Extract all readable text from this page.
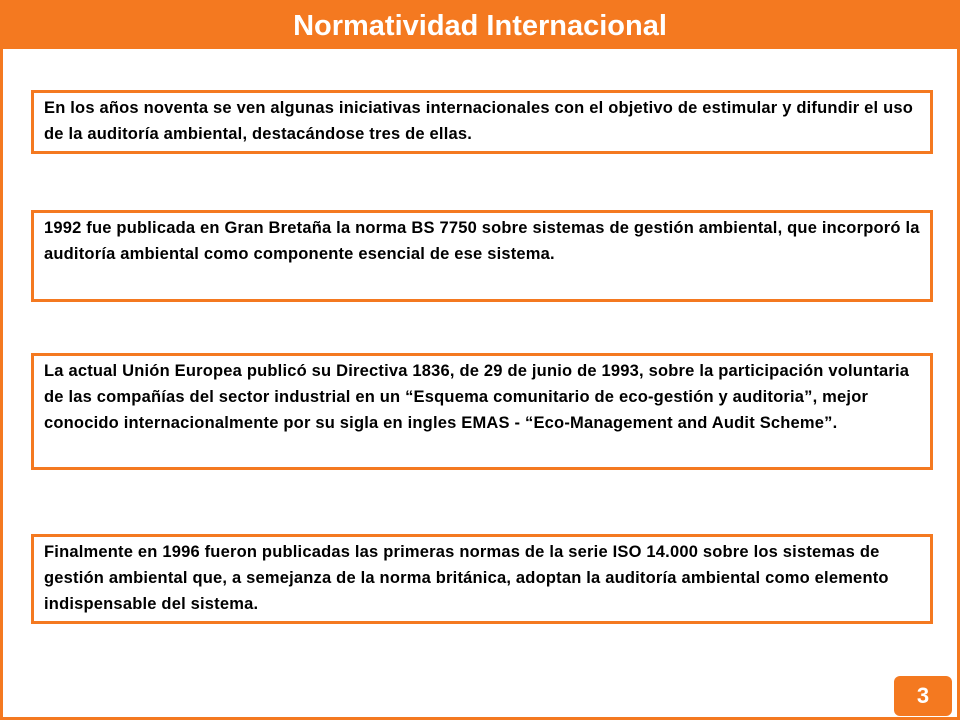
Normatividad Internacional
En los años noventa se ven algunas iniciativas internacionales con el objetivo de estimular y difundir el uso de la auditoría ambiental, destacándose tres de ellas.
1992 fue publicada en Gran Bretaña la norma BS 7750 sobre sistemas de gestión ambiental, que incorporó la auditoría ambiental como componente esencial de ese sistema.
La actual Unión Europea publicó su Directiva 1836, de 29 de junio de 1993, sobre la participación voluntaria de las compañías del sector industrial en un “Esquema comunitario de eco-gestión y auditoria”, mejor conocido internacionalmente por su sigla en ingles EMAS - “Eco-Management and Audit Scheme”.
Finalmente en 1996 fueron publicadas las primeras normas de la serie ISO 14.000 sobre los sistemas de gestión ambiental que, a semejanza de la norma británica, adoptan la auditoría ambiental como elemento indispensable del sistema.
3
